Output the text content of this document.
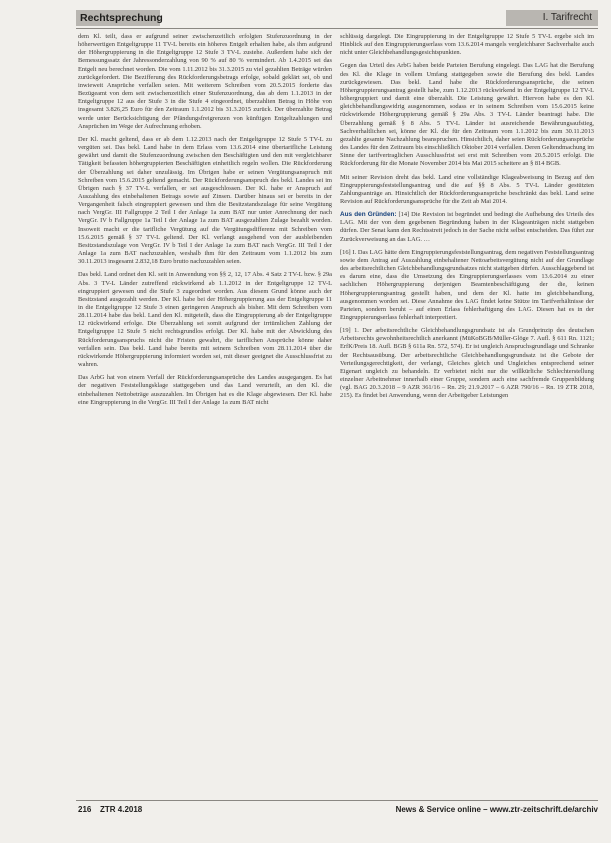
Rechtsprechung	I. Tarifrecht

dem Kl. teilt, dass er aufgrund seiner zwischenzeitlich erfolgten Stufenzuordnung in der höherwertigen Entgeltgruppe 11 TV-L bereits ein höheres Entgelt erhalten habe, als ihm aufgrund der Höhergruppierung in die Entgeltgruppe 12 Stufe 3 TV-L zustehe. Außerdem habe sich der Bemessungssatz der Jahressonderzahlung von 90 % auf 80 % vermindert. Ab 1.4.2015 sei das Entgelt neu berechnet worden. Die vom 1.11.2012 bis 31.3.2015 zu viel gezahlten Beträge würden zurückgefordert. Die Bezifferung des Rückforderungsbetrags erfolge, sobald geklärt sei, ob und inwieweit Ansprüche verfallen seien. Mit weiterem Schreiben vom 20.5.2015 forderte das Bezügeamt von dem seit zwischenzeitlich einer Stufenzuordnung, das ab dem 1.1.2013 in der Entgeltgruppe 12 aus der Stufe 3 in die Stufe 4 eingeordnet, überzahlten Betrag in Höhe von insgesamt 3.826,25 Euro für den Zeitraum 1.1.2012 bis 31.3.2015 zurück. Der überzahlte Betrag werde unter Berücksichtigung der Pfändungsfreigrenzen von künftigen Entgeltzahlungen und Ansprüchen im Wege der Aufrechnung erhoben.

Der Kl. macht geltend, dass er ab dem 1.12.2013 nach der Entgeltgruppe 12 Stufe 5 TV-L zu vergüten sei. Das bekl. Land habe in dem Erlass vom 13.6.2014 eine übertarifliche Leistung gewährt und damit die Stufenzuordnung zwischen den Beschäftigten und den mit vergleichbarer Tätigkeit befassten höhergruppierten Beschäftigten einheitlich regeln wollen. Die Rückforderung der Überzahlung sei daher unzulässig. Im Übrigen habe er seinen Vergütungsanspruch mit Schreiben vom 15.6.2015 geltend gemacht. Der Rückforderungsanspruch des bekl. Landes sei im Übrigen nach § 37 TV-L verfallen, er sei ausgeschlossen. Der Kl. habe er Anspruch auf Auszahlung des einbehaltenen Betrags sowie auf Zinsen. Darüber hinaus sei er bereits in der Vergangenheit falsch eingruppiert gewesen und ihm die Besitzstandszulage für seine Vergütung nach VergGr. III Fallgruppe 2 Teil I der Anlage 1a zum BAT nur unter Anrechnung der nach VergGr. IV b Fallgruppe 1a Teil I der Anlage 1a zum BAT ausgezahlten Zulage bezahlt worden. Insoweit macht er die tarifliche Vergütung auf die Vergütungsdifferenz mit Schreiben vom 15.6.2015 gemäß § 37 TV-L geltend. Der Kl. verlangt ausgehend von der ausbleibenden Besitzstandszulage von VergGr. IV b Teil I der Anlage 1a zum BAT nach VergGr. III Teil I der Anlage 1a zum BAT nachzuzahlen, weshalb ihm für den Zeitraum vom 1.1.2012 bis zum 30.11.2013 insgesamt 2.832,18 Euro brutto nachzuzahlen seien.

Das bekl. Land ordnet den Kl. seit in Anwendung von §§ 2, 12, 17 Abs. 4 Satz 2 TV-L bzw. § 29a Abs. 3 TV-L Länder zutreffend rückwirkend ab 1.1.2012 in der Entgeltgruppe 12 TV-L eingruppiert gewesen und die Stufe 3 zugeordnet worden. Aus diesem Grund könne auch der Besitzstand ausgezahlt werden. Der Kl. habe bei der Höhergruppierung aus der Entgeltgruppe 11 in die Entgeltgruppe 12 Stufe 3 einen geringeren Anspruch als bisher. Mit dem Schreiben vom 28.11.2014 habe das bekl. Land den Kl. mitgeteilt, dass die Eingruppierung ab der Entgeltgruppe 12 rückwirkend erfolge. Die Überzahlung sei somit aufgrund der irrtümlichen Zahlung der Entgeltgruppe 12 Stufe 5 nicht rechtsgrundlos erfolgt. Der Kl. habe mit der Abwicklung des Rückforderungsanspruchs nicht die Fristen gewahrt, die tariflichen Ansprüche könne daher verfallen sein. Das bekl. Land habe bereits mit seinem Schreiben vom 28.11.2014 über die rückwirkende Höhergruppierung informiert worden sei, mit dieser geeignet die Ausschlussfrist zu wahren.

Das ArbG hat von einem Verfall der Rückforderungsansprüche des Landes ausgegangen. Es hat der negativen Feststellungsklage stattgegeben und das Land verurteilt, an den Kl. die einbehaltenen Nettobeträge auszuzahlen. Im Übrigen hat es die Klage abgewiesen. Der Kl. habe eine Eingruppierung in die VergGr. III Teil I der Anlage 1a zum BAT nicht

schlüssig dargelegt. Die Eingruppierung in der Entgeltgruppe 12 Stufe 5 TV-L ergebe sich im Hinblick auf den Eingruppierungserlass vom 13.6.2014 mangels vergleichbarer Sachverhalte auch nicht unter Gleichbehandlungsgesichtspunkten.

Gegen das Urteil des ArbG haben beide Parteien Berufung eingelegt. Das LAG hat die Berufung des Kl. die Klage in vollem Umfang stattgegeben sowie die Berufung des bekl. Landes zurückgewiesen. Das bekl. Land habe die Rückforderungsansprüche, die seinen Höhergruppierungsantrag gestellt habe, zum 1.12.2013 rückwirkend in der Entgeltgruppe 12 TV-L höhergruppiert und damit eine überzahlt. Die Leistung gewährt. Hiervon habe es den Kl. gleichbehandlungswidrig ausgenommen, sodass er in seinem Schreiben vom 15.6.2015 keine rückwirkende Höhergruppierung gemäß § 29a Abs. 3 TV-L Länder beantragt habe. Die Überzahlung gemäß § 8 Abs. 5 TV-L Länder ist ausreichende Bewährungsaufstieg, Sachverhaltlichen sei, könne der Kl. die für den Zeitraum vom 1.1.2012 bis zum 30.11.2013 gezahlte gesamte Nachzahlung beanspruchen. Hinsichtlich, daher seien Rückforderungsansprüche des Landes für den Zeitraum bis einschließlich Oktober 2014 verfallen. Deren Geltendmachung im Sinne der tarifvertraglichen Ausschlussfrist sei erst mit Schreiben vom 20.5.2015 erfolgt. Die Rückforderung für die Monate November 2014 bis Mai 2015 scheitere an § 814 BGB.

Mit seiner Revision dreht das bekl. Land eine vollständige Klageabweisung in Bezug auf den Eingruppierungsfeststellungsantrag und die auf §§ 8 Abs. 5 TV-L Länder gestützten Zahlungsanträge an. Hinsichtlich der Rückforderungsansprüche beschränkt das bekl. Land seine Revision auf Rückforderungsansprüche für die Zeit ab Mai 2014.

Aus den Gründen: [14] Die Revision ist begründet und bedingt die Aufhebung des Urteils des LAG. Mit der von dem gegebenen Begründung haben in der Klageanträgen nicht stattgeben dürfen. Der Senat kann den Rechtsstreit jedoch in der Sache nicht selbst entscheiden. Das führt zur Zurückverweisung an das LAG. …

[16] I. Das LAG hätte dem Eingruppierungsfeststellungsantrag, dem negativen Feststellungsantrag sowie dem Antrag auf Auszahlung einbehaltener Nettoarbeitsvergütung nicht auf der Grundlage des arbeitsrechtlichen Gleichbehandlungsgrundsatzes nicht stattgeben dürfen. Ausschlaggebend ist es darum eine, dass die Umsetzung des Eingruppierungserlasses vom 13.6.2014 zu einer sachlichen Höhergruppierung derjenigen Beamtenbeschäftigung der die, keinen Höhergruppierungsantrag gestellt haben, und dem der Kl. hatte im gleichbehandlung, ausgenommen worden sei. Diese Annahme des LAG findet keine Stütze im Tarifverhältnisse der Parteien, sondern beruht – auf einen Erlass fehlerhaftigung des LAG. Diesen hat es in der Eingruppierungserlass fehlerhaft interpretiert.

[19] 1. Der arbeitsrechtliche Gleichbehandlungsgrundsatz ist als Grundprinzip des deutschen Arbeitsrechts gewohnheitsrechtlich anerkannt (MüKoBGB/Müller-Glöge 7. Aufl. § 611 Rn. 1121; ErfK/Preis 18. Aufl. BGB § 611a Rn. 572, 574). Er ist ungleich Anspruchsgrundlage und Schranke der Rechtsausübung. Der arbeitsrechtliche Gleichbehandlungsgrundsatz ist die Gebote der Verteilungsgerechtigkeit, der verlangt, Gleiches gleich und Ungleiches entsprechend seiner Eigenart ungleich zu behandeln. Er verbietet nicht nur die willkürliche Schlechterstellung einzelner Arbeitnehmer innerhalb einer Gruppe, sondern auch eine sachfremde Gruppenbildung (vgl. BAG 20.3.2018 – 9 AZR 361/16 – Rn. 29; 21.9.2017 – 6 AZR 790/16 – Rn. 19 ZTR 2018, 215). Es findet bei Anwendung, wenn der Arbeitgeber Leistungen

216 ZTR 4.2018	News & Service online – www.ztr-zeitschrift.de/archiv
